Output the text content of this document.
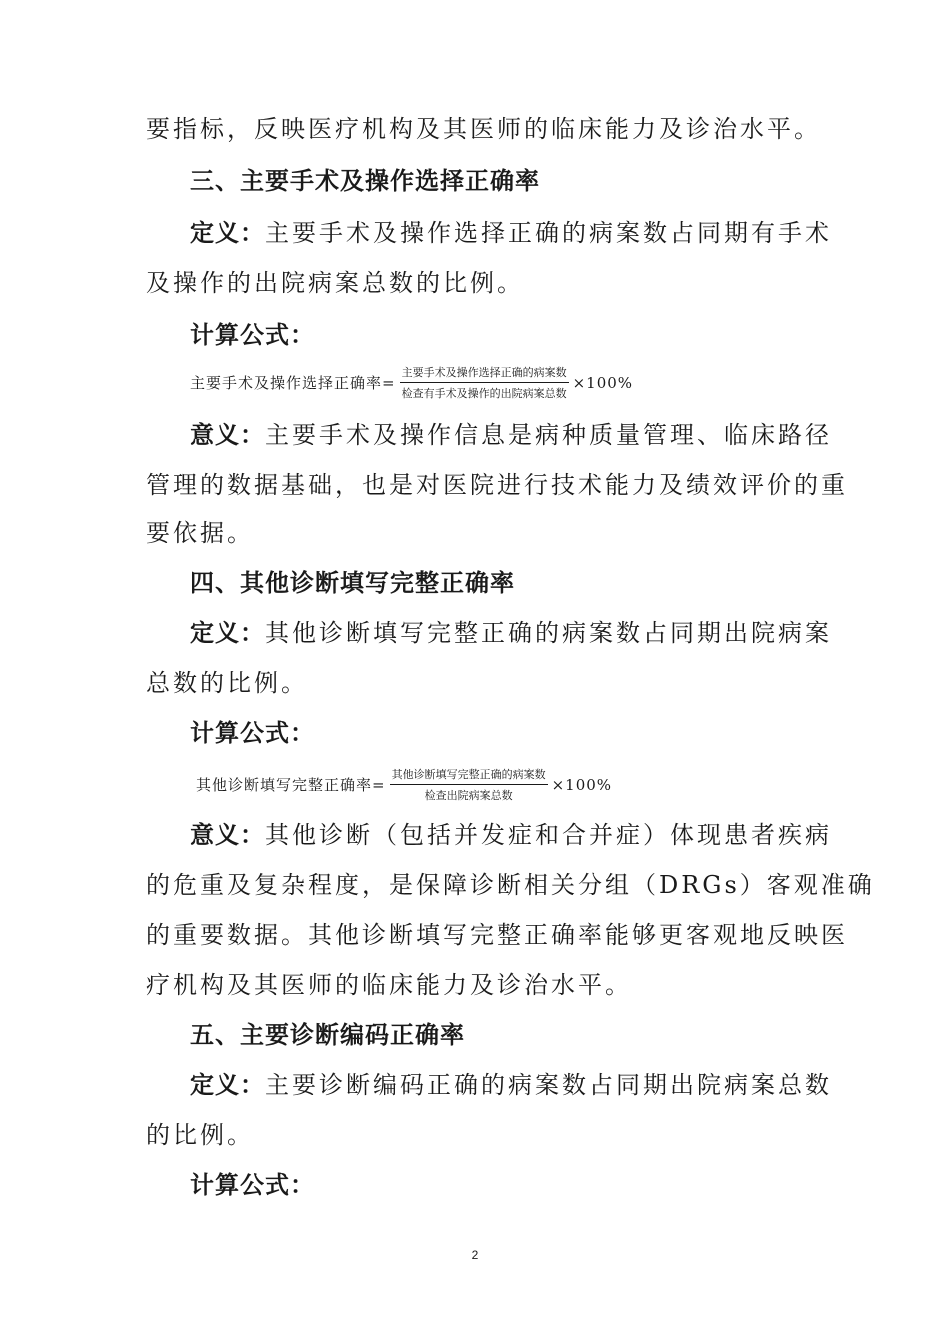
要指标，反映医疗机构及其医师的临床能力及诊治水平。
三、主要手术及操作选择正确率
定义：主要手术及操作选择正确的病案数占同期有手术
及操作的出院病案总数的比例。
计算公式：
主要手术及操作选择正确率= $\frac{\text{主要手术及操作选择正确的病案数}}{\text{检查有手术及操作的出院病案总数}} \times 100\%$
意义：主要手术及操作信息是病种质量管理、临床路径
管理的数据基础，也是对医院进行技术能力及绩效评价的重
要依据。
四、其他诊断填写完整正确率
定义：其他诊断填写完整正确的病案数占同期出院病案
总数的比例。
计算公式：
其他诊断填写完整正确率= $\frac{\text{其他诊断填写完整正确的病案数}}{\text{检查出院病案总数}} \times 100\%$
意义：其他诊断（包括并发症和合并症）体现患者疾病
的危重及复杂程度，是保障诊断相关分组（DRGs）客观准确
的重要数据。其他诊断填写完整正确率能够更客观地反映医
疗机构及其医师的临床能力及诊治水平。
五、主要诊断编码正确率
定义：主要诊断编码正确的病案数占同期出院病案总数
的比例。
计算公式：
2
